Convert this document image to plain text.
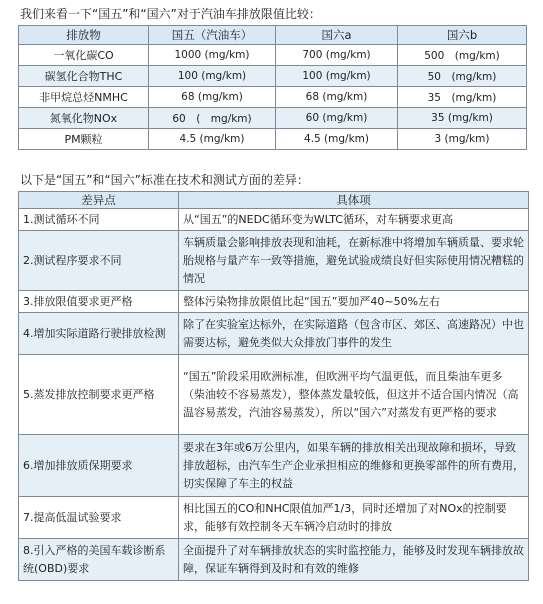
我们来看一下“国五”和“国六”对于汽油车排放限值比较：
排放物	国五（汽油车）	国六a	国六b
一氧化碳CO	1000 (mg/km)	700 (mg/km)	500　(mg/km)
碳氢化合物THC	100 (mg/km)	100 (mg/km)	50　(mg/km)
非甲烷总烃NMHC	68 (mg/km)	68 (mg/km)	35　(mg/km)
氮氧化物NOx	60　(　mg/km)	60 (mg/km)	35 (mg/km)
PM颗粒	4.5 (mg/km)	4.5 (mg/km)	3 (mg/km)
以下是“国五”和“国六”标准在技术和测试方面的差异：
差异点	具体项
1.测试循环不同	从“国五”的NEDC循环变为WLTC循环，对车辆要求更高
2.测试程序要求不同	车辆质量会影响排放表现和油耗，在新标准中将增加车辆质量、要求轮胎规格与量产车一致等措施，避免试验成绩良好但实际使用情况糟糕的情况
3.排放限值要求更严格	整体污染物排放限值比起“国五”要加严40~50%左右
4.增加实际道路行驶排放检测	除了在实验室达标外，在实际道路（包含市区、郊区、高速路况）中也需要达标，避免类似大众排放门事件的发生
5.蒸发排放控制要求更严格	“国五”阶段采用欧洲标准，但欧洲平均气温更低，而且柴油车更多（柴油较不容易蒸发），整体蒸发量较低，但这并不适合国内情况（高温容易蒸发，汽油容易蒸发），所以“国六”对蒸发有更严格的要求
6.增加排放质保期要求	要求在3年或6万公里内，如果车辆的排放相关出现故障和损坏，导致排放超标，由汽车生产企业承担相应的维修和更换零部件的所有费用，切实保障了车主的权益
7.提高低温试验要求	相比国五的CO和NHC限值加严1/3，同时还增加了对NOx的控制要求，能够有效控制冬天车辆冷启动时的排放
8.引入严格的美国车载诊断系统(OBD)要求	全面提升了对车辆排放状态的实时监控能力，能够及时发现车辆排放故障，保证车辆得到及时和有效的维修
